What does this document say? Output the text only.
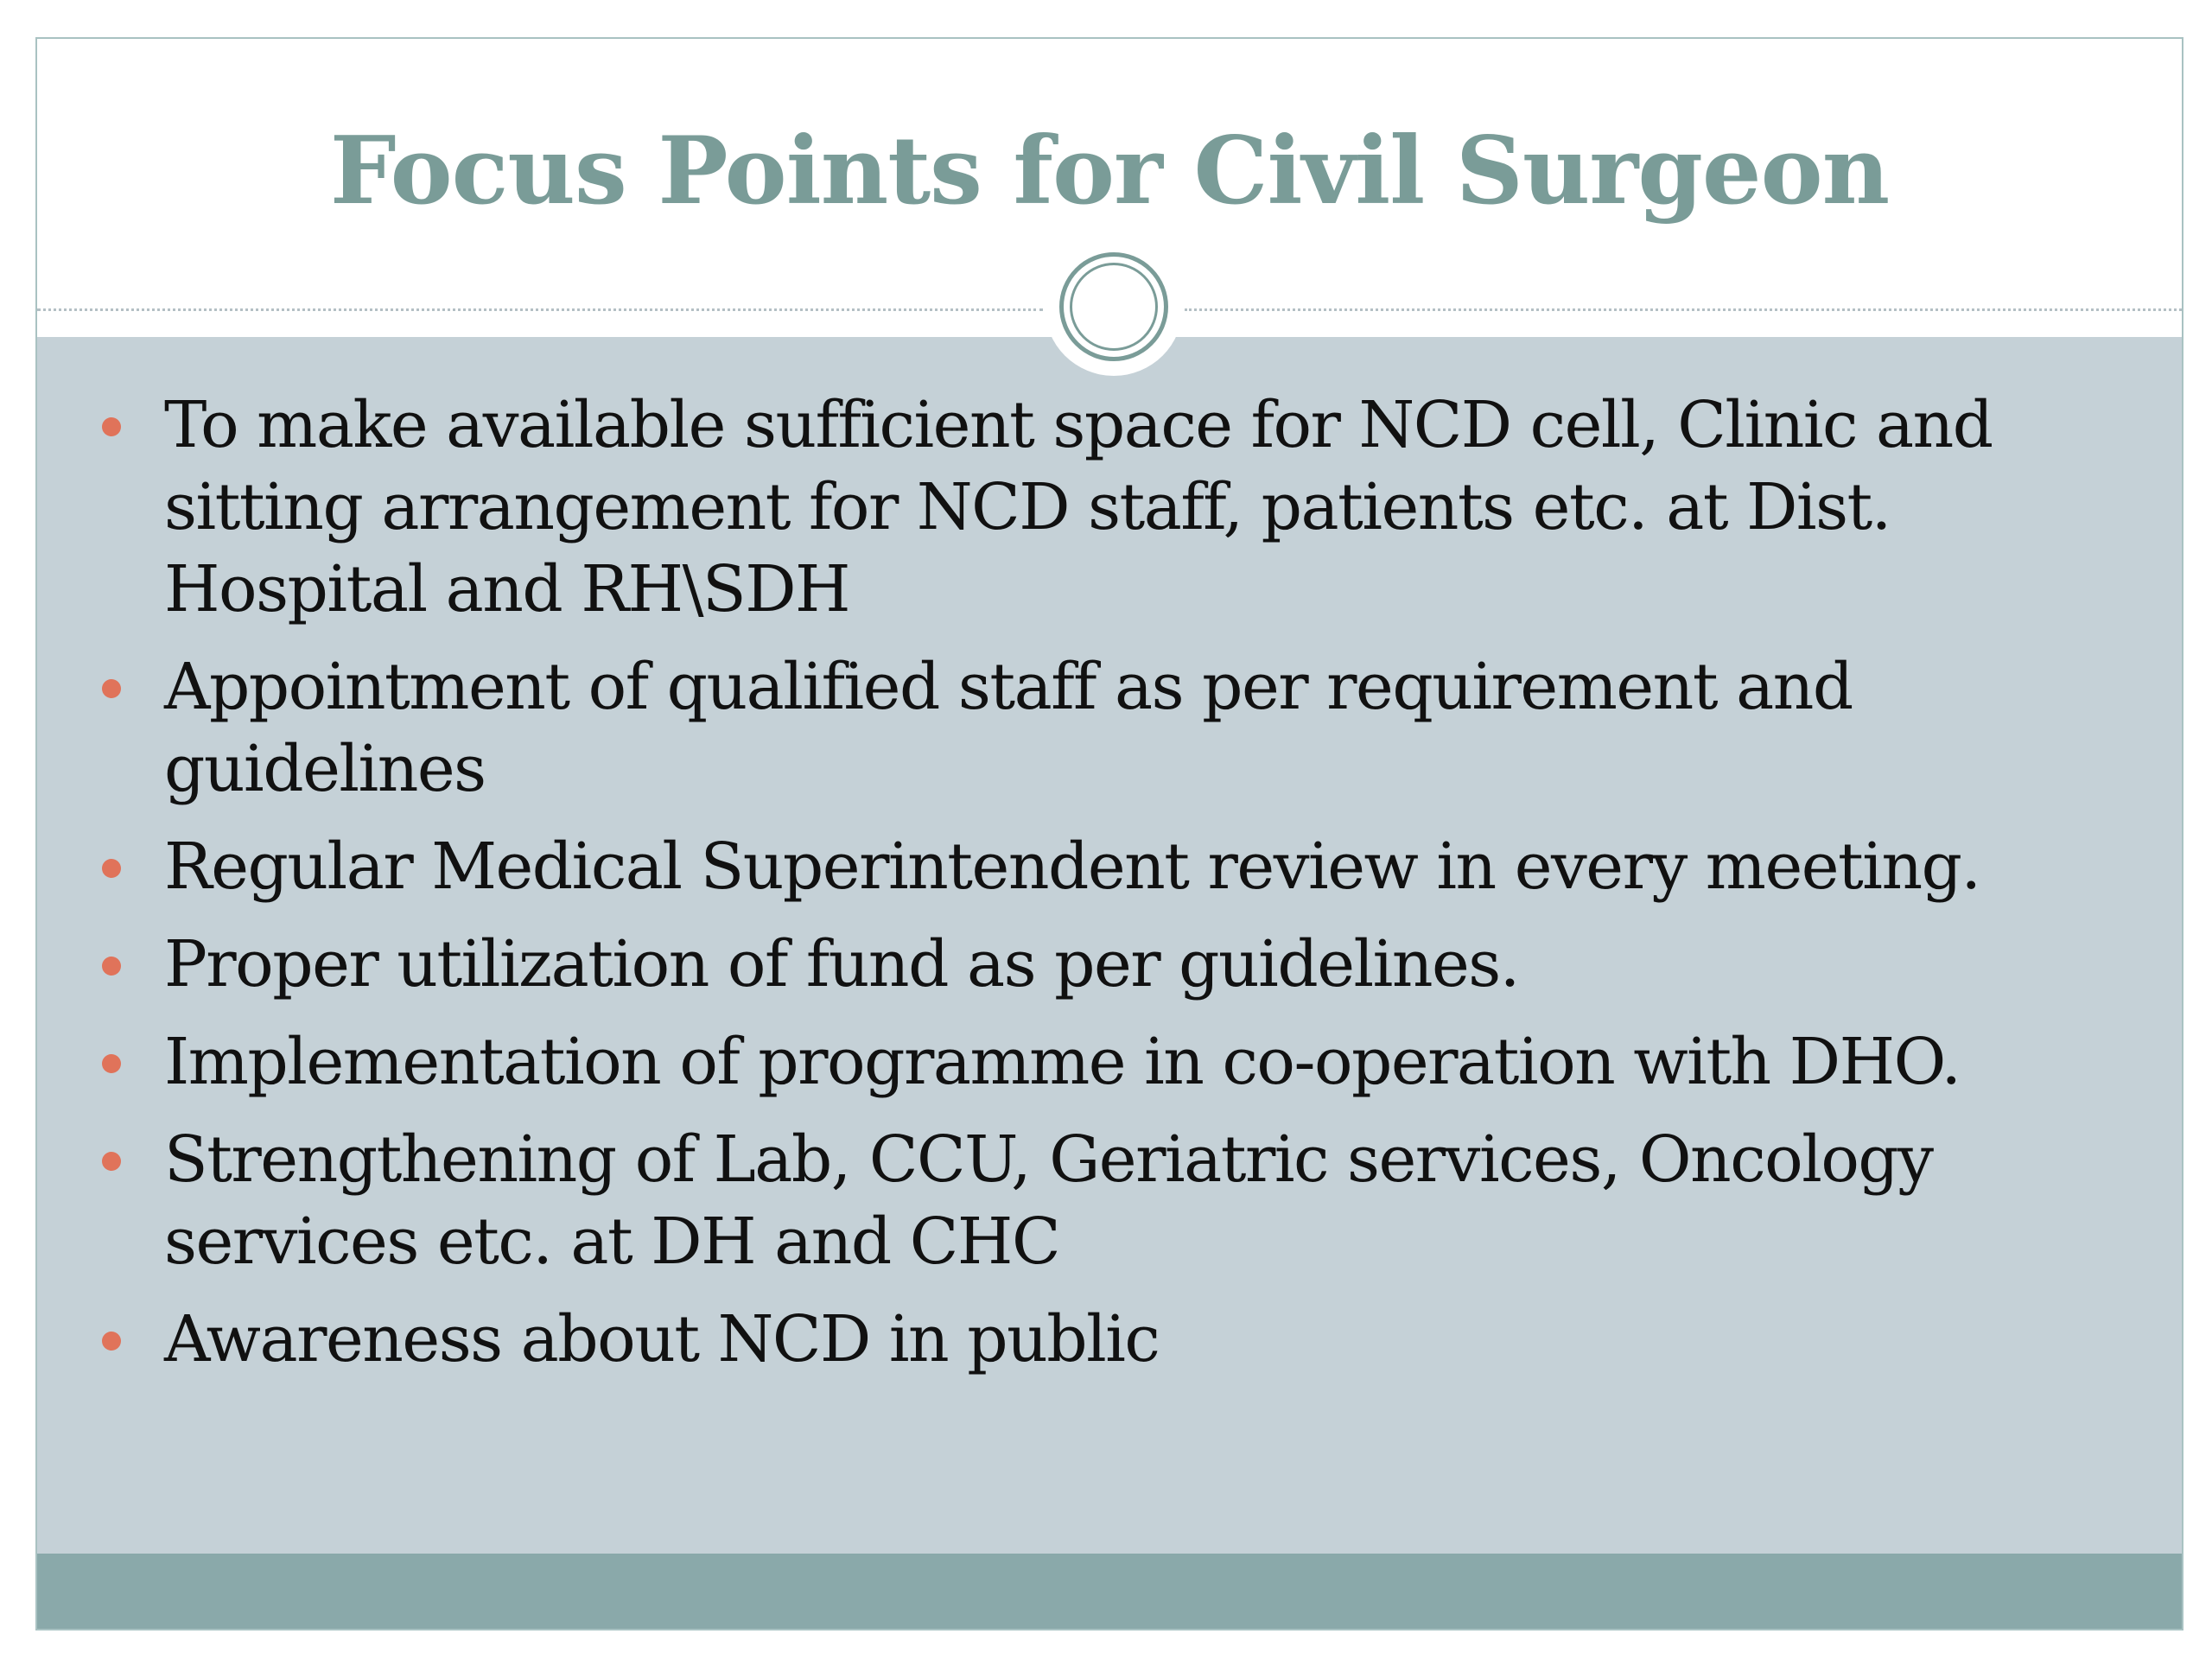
Focus Points for Civil Surgeon
To make available sufficient space for NCD cell, Clinic and sitting arrangement for NCD staff, patients etc. at Dist. Hospital and RH\SDH
Appointment of qualified staff as per requirement and guidelines
Regular Medical Superintendent review in every meeting.
Proper utilization of fund as per guidelines.
Implementation of programme in co-operation with DHO.
Strengthening of Lab, CCU, Geriatric services, Oncology services etc. at DH and CHC
Awareness about NCD in public
